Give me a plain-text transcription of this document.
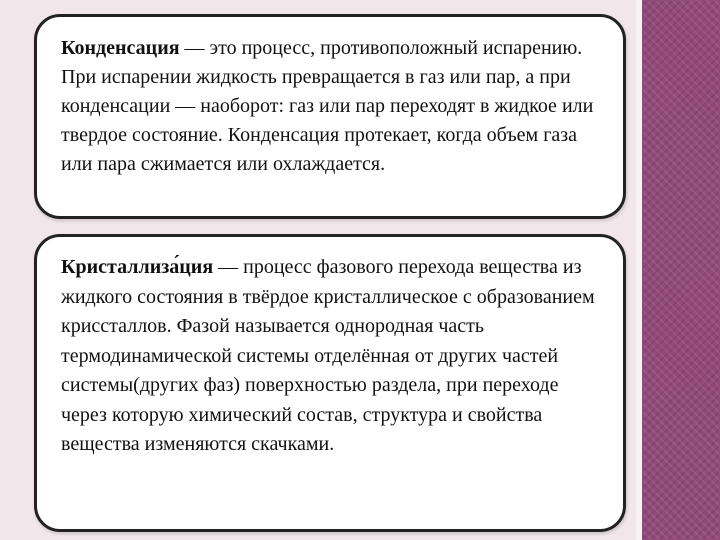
Конденсация — это процесс, противоположный испарению. При испарении жидкость превращается в газ или пар, а при конденсации — наоборот: газ или пар переходят в жидкое или твердое состояние. Конденсация протекает, когда объем газа или пара сжимается или охлаждается.

Кристаллиза́ция — процесс фазового перехода вещества из жидкого состояния в твёрдое кристаллическое с образованием криссталлов. Фазой называется однородная часть термодинамической системы отделённая от других частей системы(других фаз) поверхностью раздела, при переходе через которую химический состав, структура и свойства вещества изменяются скачками.
